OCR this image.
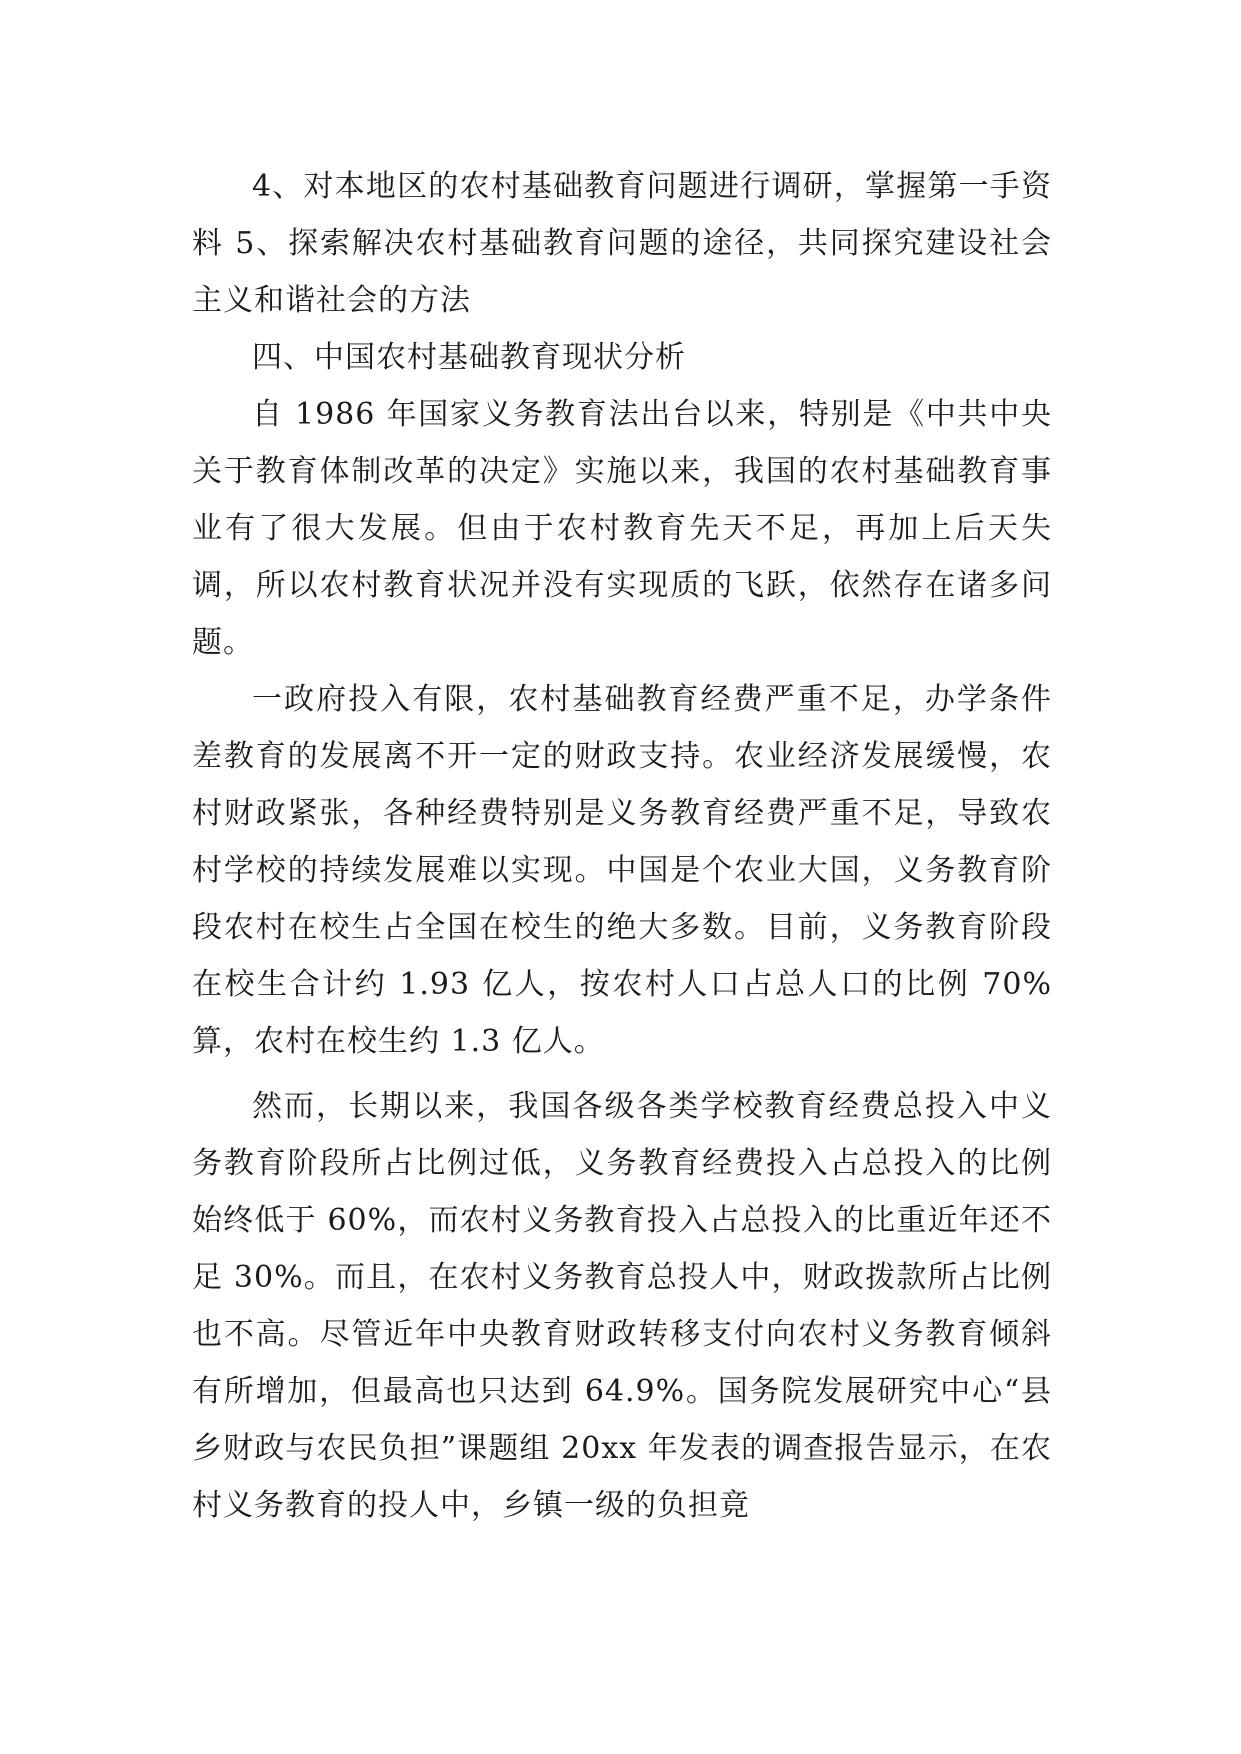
4、对本地区的农村基础教育问题进行调研，掌握第一手资料 5、探索解决农村基础教育问题的途径，共同探究建设社会主义和谐社会的方法

四、中国农村基础教育现状分析

自 1986 年国家义务教育法出台以来，特别是《中共中央关于教育体制改革的决定》实施以来，我国的农村基础教育事业有了很大发展。但由于农村教育先天不足，再加上后天失调，所以农村教育状况并没有实现质的飞跃，依然存在诸多问题。

一政府投入有限，农村基础教育经费严重不足，办学条件差教育的发展离不开一定的财政支持。农业经济发展缓慢，农村财政紧张，各种经费特别是义务教育经费严重不足，导致农村学校的持续发展难以实现。中国是个农业大国，义务教育阶段农村在校生占全国在校生的绝大多数。目前，义务教育阶段在校生合计约 1.93 亿人，按农村人口占总人口的比例 70%算，农村在校生约 1.3 亿人。

然而，长期以来，我国各级各类学校教育经费总投入中义务教育阶段所占比例过低，义务教育经费投入占总投入的比例始终低于 60%，而农村义务教育投入占总投入的比重近年还不足 30%。而且，在农村义务教育总投人中，财政拨款所占比例也不高。尽管近年中央教育财政转移支付向农村义务教育倾斜有所增加，但最高也只达到 64.9%。国务院发展研究中心“县乡财政与农民负担”课题组 20xx 年发表的调查报告显示，在农村义务教育的投人中，乡镇一级的负担竟
